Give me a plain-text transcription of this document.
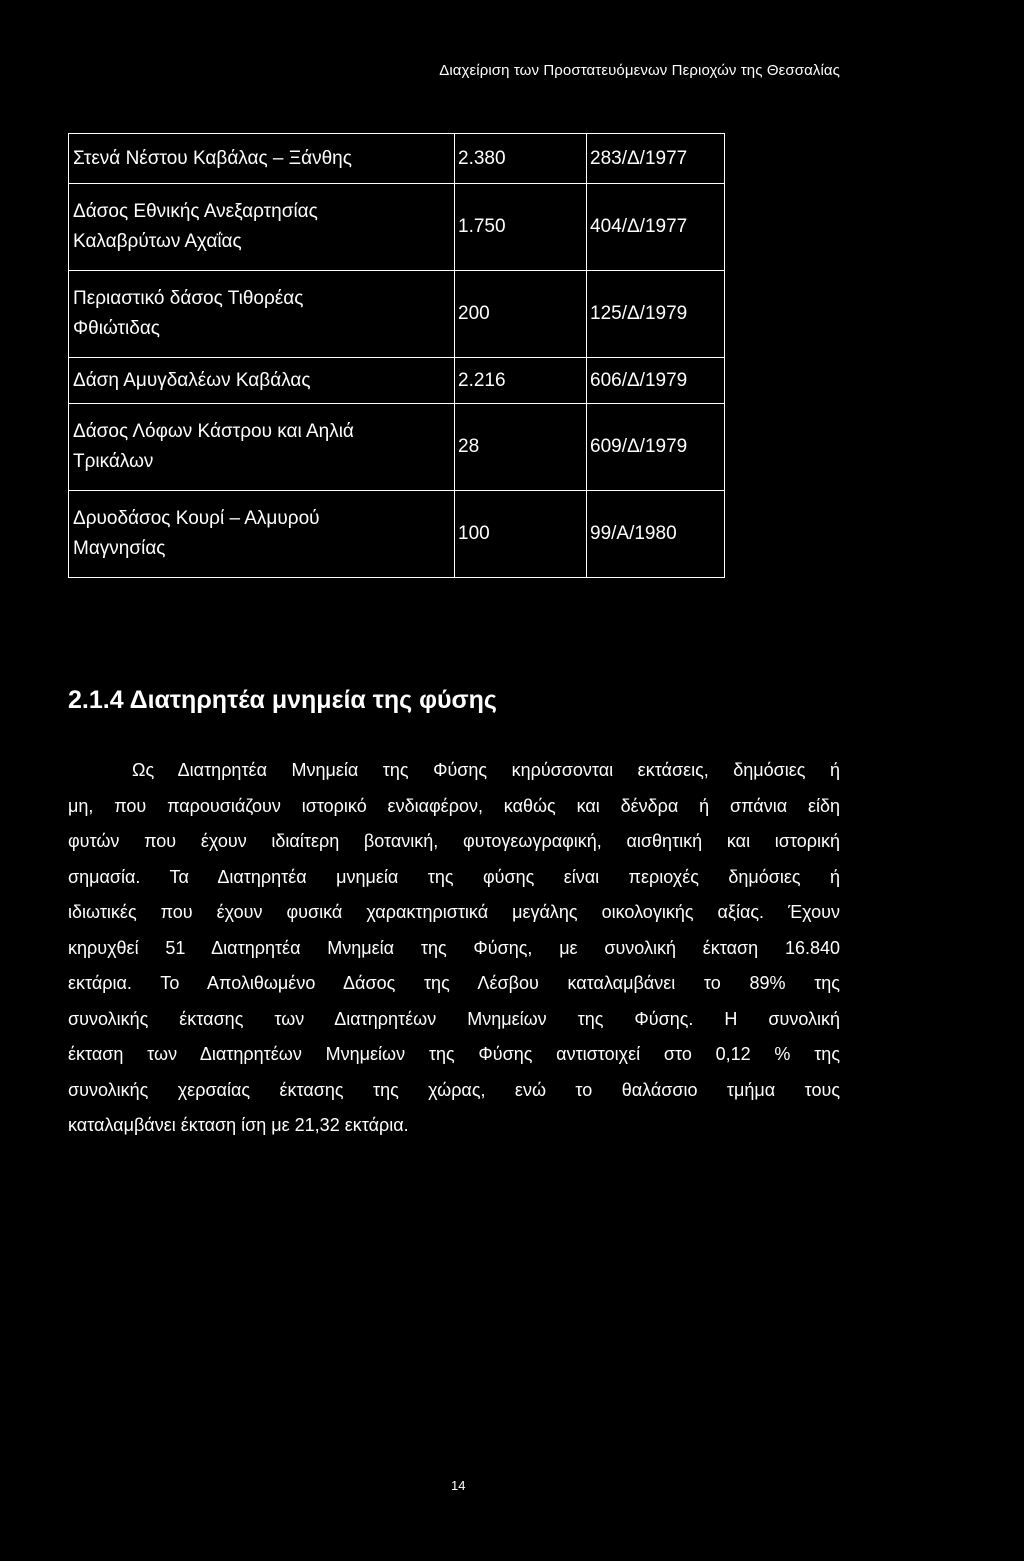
Διαχείριση των Προστατευόμενων Περιοχών της Θεσσαλίας
Στενά Νέστου Καβάλας – Ξάνθης	2.380	283/Δ/1977

Δάσος Εθνικής Ανεξαρτησίας
Καλαβρύτων Αχαΐας	1.750	404/Δ/1977

Περιαστικό δάσος Τιθορέας
Φθιώτιδας	200	125/Δ/1979

Δάση Αμυγδαλέων Καβάλας	2.216	606/Δ/1979

Δάσος Λόφων Κάστρου και Αηλιά
Τρικάλων	28	609/Δ/1979

Δρυοδάσος Κουρί – Αλμυρού
Μαγνησίας	100	99/Α/1980
2.1.4 Διατηρητέα μνημεία της φύσης

Ως Διατηρητέα Μνημεία της Φύσης κηρύσσονται εκτάσεις, δημόσιες ή
μη, που παρουσιάζουν ιστορικό ενδιαφέρον, καθώς και δένδρα ή σπάνια είδη
φυτών που έχουν ιδιαίτερη βοτανική, φυτογεωγραφική, αισθητική και ιστορική
σημασία. Τα Διατηρητέα μνημεία της φύσης είναι περιοχές δημόσιες ή
ιδιωτικές που έχουν φυσικά χαρακτηριστικά μεγάλης οικολογικής αξίας. Έχουν
κηρυχθεί 51 Διατηρητέα Μνημεία της Φύσης, με συνολική έκταση 16.840
εκτάρια. Το Απολιθωμένο Δάσος της Λέσβου καταλαμβάνει το 89% της
συνολικής έκτασης των Διατηρητέων Μνημείων της Φύσης. Η συνολική
έκταση των Διατηρητέων Μνημείων της Φύσης αντιστοιχεί στο 0,12 % της
συνολικής χερσαίας έκτασης της χώρας, ενώ το θαλάσσιο τμήμα τους
καταλαμβάνει έκταση ίση με 21,32 εκτάρια.

14
